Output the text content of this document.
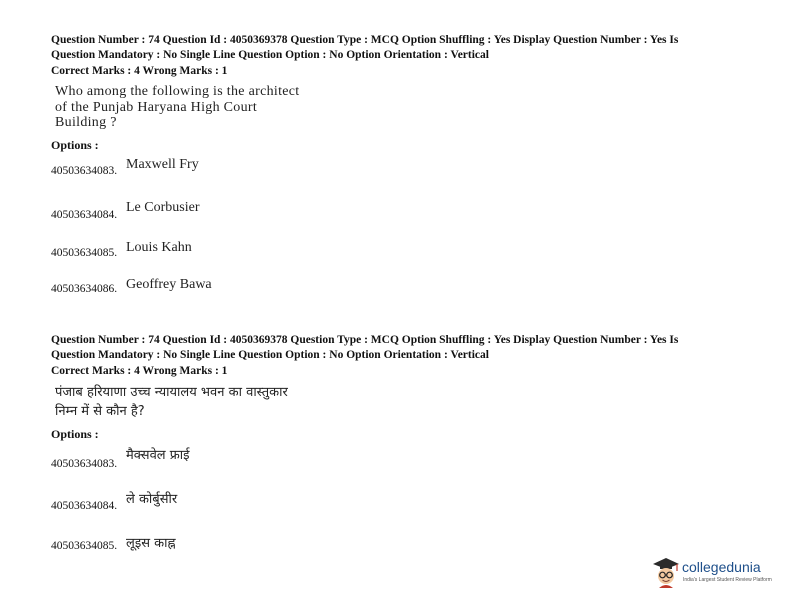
Question Number : 74 Question Id : 4050369378 Question Type : MCQ Option Shuffling : Yes Display Question Number : Yes Is

Question Mandatory : No Single Line Question Option : No Option Orientation : Vertical

Correct Marks : 4 Wrong Marks : 1

Who among the following is the architect
of the Punjab Haryana High Court
Building ?
Options :
40503634083. Maxwell Fry
40503634084. Le Corbusier
40503634085. Louis Kahn
40503634086. Geoffrey Bawa

Question Number : 74 Question Id : 4050369378 Question Type : MCQ Option Shuffling : Yes Display Question Number : Yes Is

Question Mandatory : No Single Line Question Option : No Option Orientation : Vertical

Correct Marks : 4 Wrong Marks : 1

पंजाब हरियाणा उच्च न्यायालय भवन का वास्तुकार
निम्न में से कौन है?
Options :
40503634083.
मैक्सवेल फ्राई
40503634084. ले कोर्बुसीर
40503634085. लूइस काह्न
collegedunia
India's Largest Student Review Platform
